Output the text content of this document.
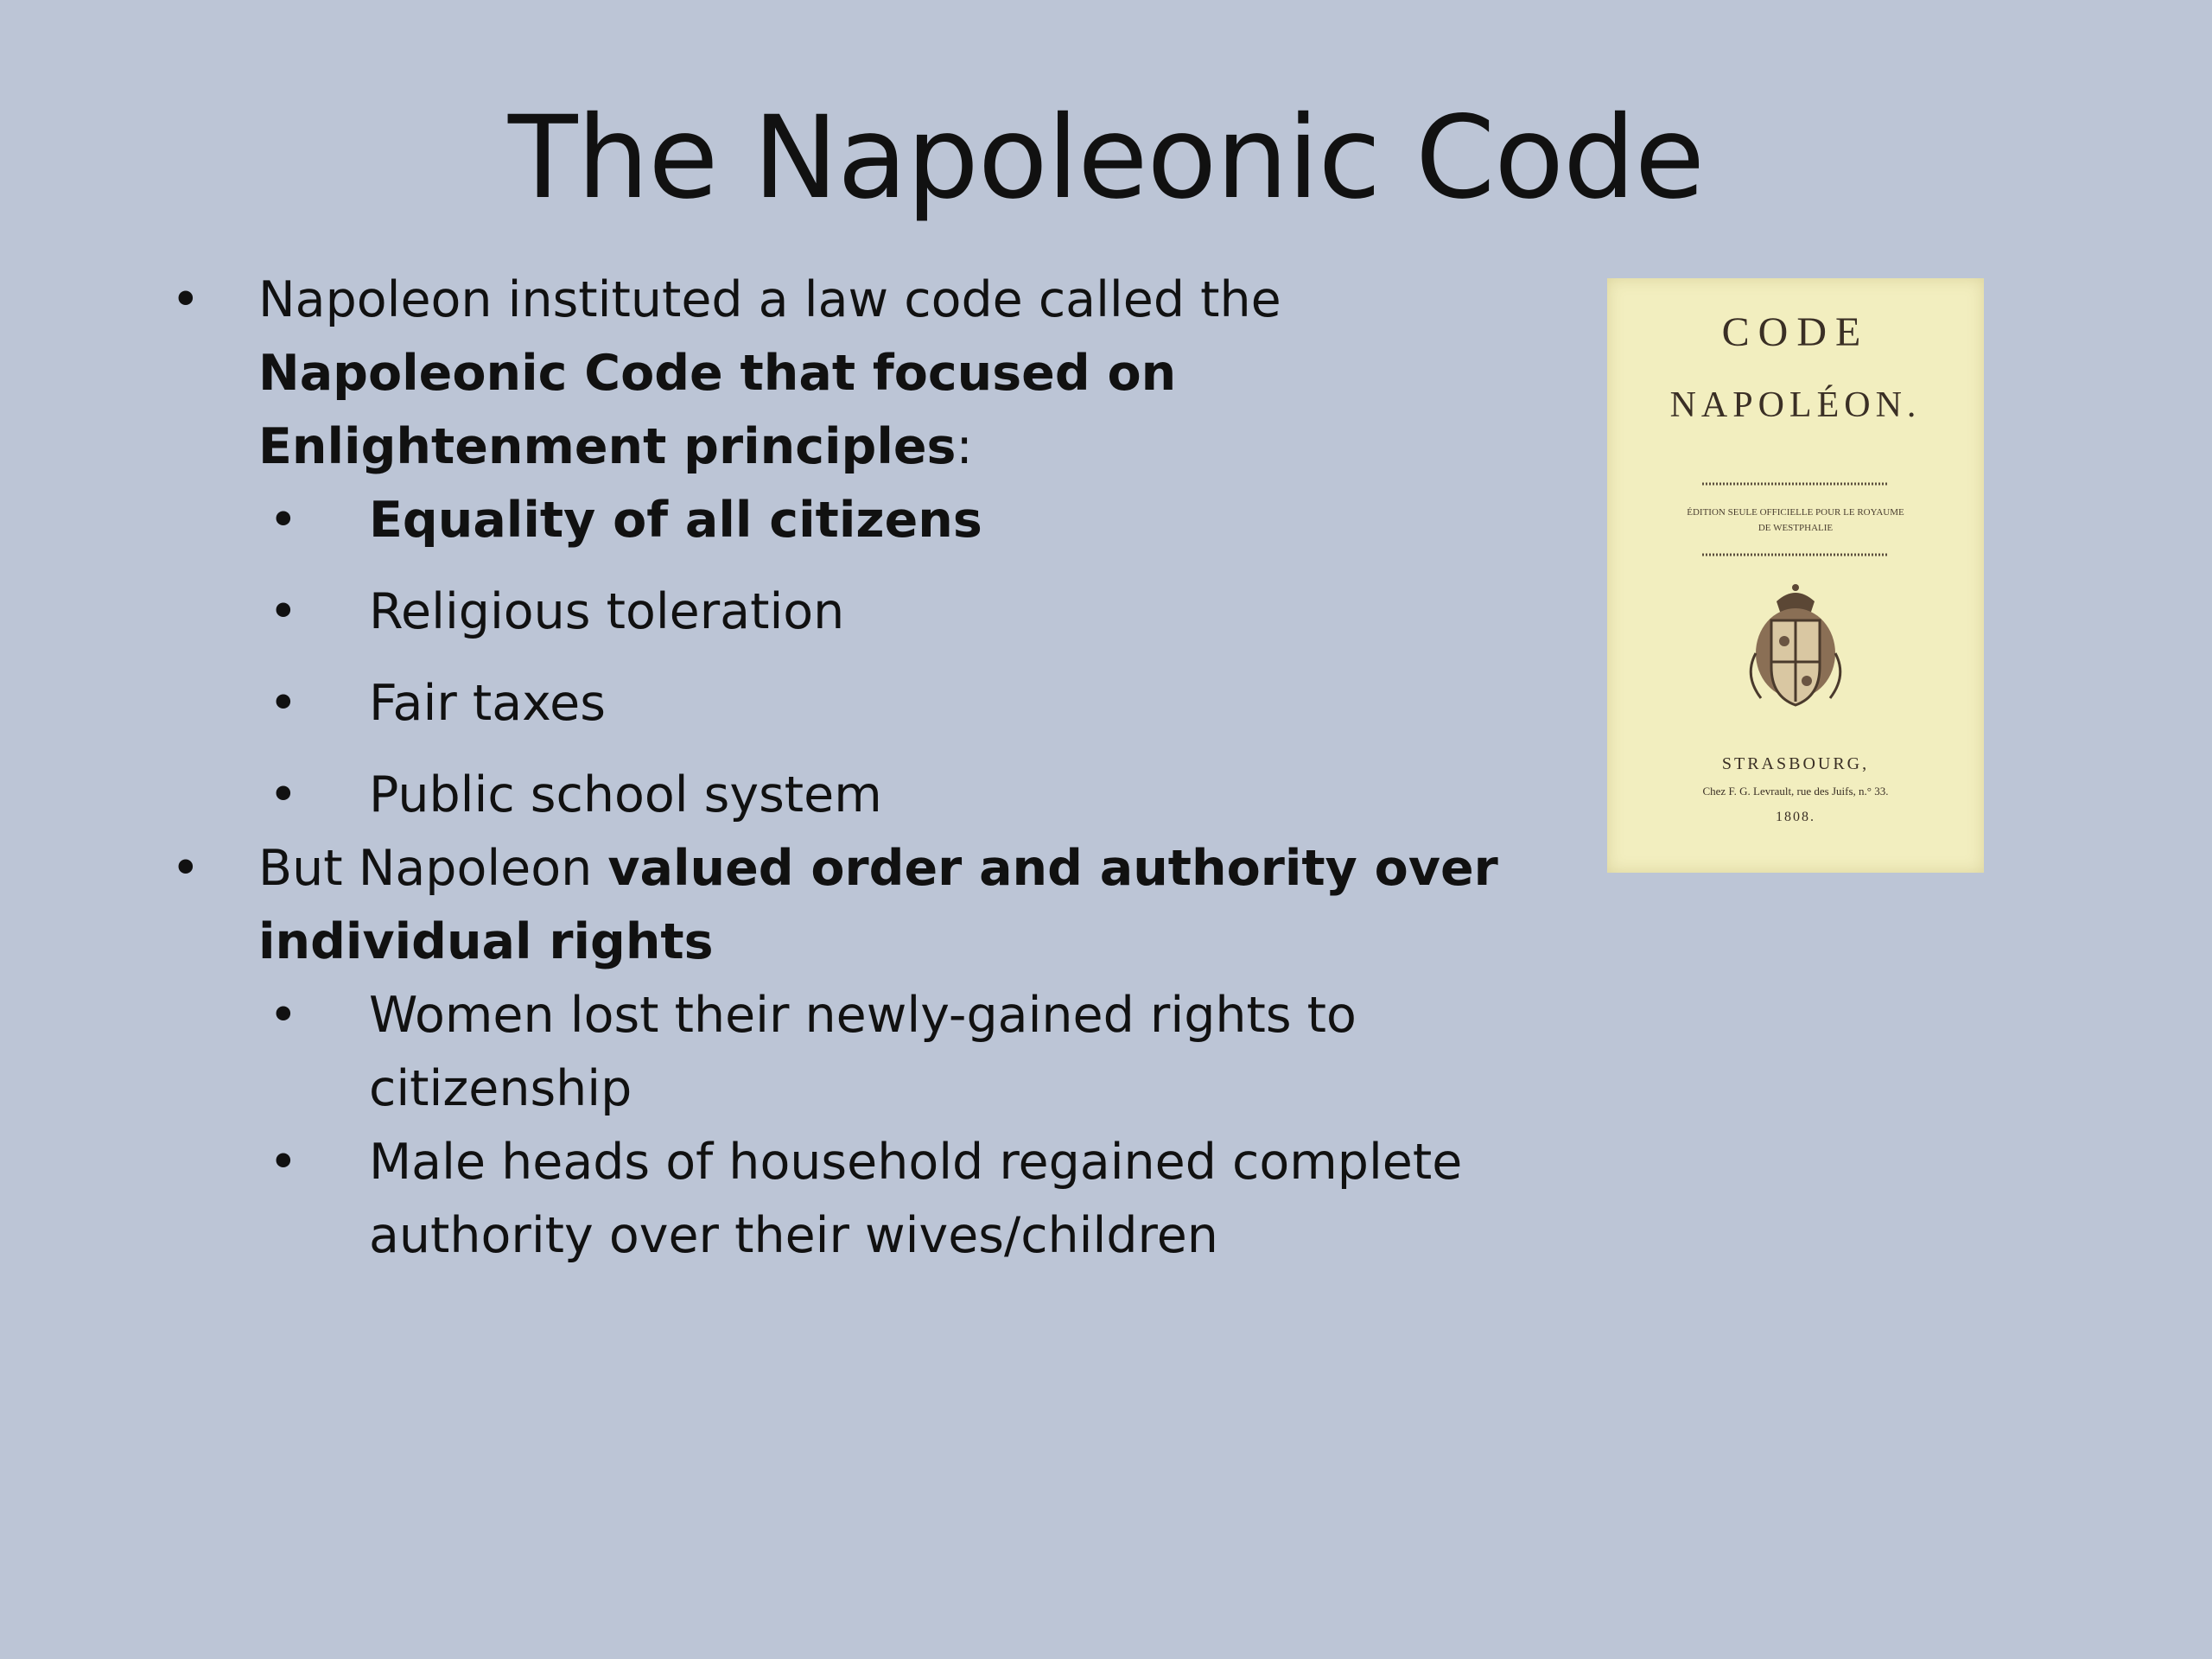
The Napoleonic Code
• Napoleon instituted a law code called the Napoleonic Code that focused on Enlightenment principles:
• Equality of all citizens
• Religious toleration
• Fair taxes
• Public school system
• But Napoleon valued order and authority over individual rights
• Women lost their newly-gained rights to citizenship
• Male heads of household regained complete authority over their wives/children
CODE
NAPOLÉON.
ÉDITION SEULE OFFICIELLE POUR LE ROYAUME
DE WESTPHALIE
STRASBOURG,
Chez F. G. Levrault, rue des Juifs, n.° 33.
1808.
